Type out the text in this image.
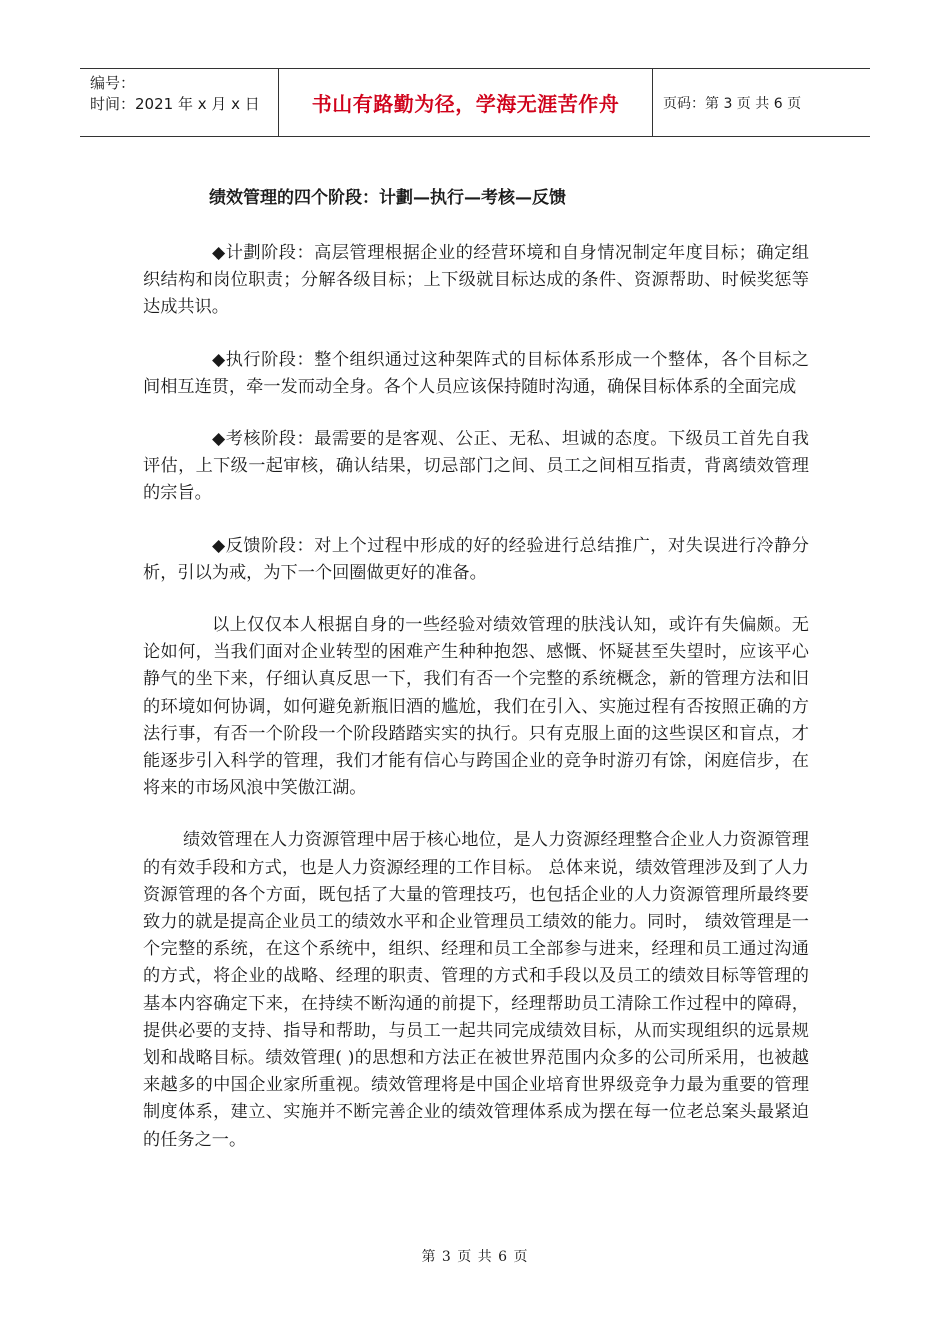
编号：
时间：2021 年 x 月 x 日	书山有路勤为径，学海无涯苦作舟	页码：第 3 页 共 6 页
绩效管理的四个阶段：计劃—执行—考核—反馈

◆计劃阶段：高层管理根据企业的经营环境和自身情况制定年度目标；确定组织结构和岗位职责；分解各级目标；上下级就目标达成的条件、资源帮助、时候奖惩等达成共识。

◆执行阶段：整个组织通过这种架阵式的目标体系形成一个整体，各个目标之间相互连贯，牵一发而动全身。各个人员应该保持随时沟通，确保目标体系的全面完成

◆考核阶段：最需要的是客观、公正、无私、坦诚的态度。下级员工首先自我评估，上下级一起审核，确认结果，切忌部门之间、员工之间相互指责，背离绩效管理的宗旨。

◆反馈阶段：对上个过程中形成的好的经验进行总结推广，对失误进行冷静分析，引以为戒，为下一个回圈做更好的准备。

以上仅仅本人根据自身的一些经验对绩效管理的肤浅认知，或许有失偏颇。无论如何，当我们面对企业转型的困难产生种种抱怨、感慨、怀疑甚至失望时，应该平心静气的坐下来，仔细认真反思一下，我们有否一个完整的系统概念，新的管理方法和旧的环境如何协调，如何避免新瓶旧酒的尴尬，我们在引入、实施过程有否按照正确的方法行事，有否一个阶段一个阶段踏踏实实的执行。只有克服上面的这些误区和盲点，才能逐步引入科学的管理，我们才能有信心与跨国企业的竞争时游刃有馀，闲庭信步，在将来的市场风浪中笑傲江湖。

绩效管理在人力资源管理中居于核心地位，是人力资源经理整合企业人力资源管理的有效手段和方式，也是人力资源经理的工作目标。 总体来说，绩效管理涉及到了人力资源管理的各个方面，既包括了大量的管理技巧，也包括企业的人力资源管理所最终要致力的就是提高企业员工的绩效水平和企业管理员工绩效的能力。同时， 绩效管理是一个完整的系统，在这个系统中，组织、经理和员工全部参与进来，经理和员工通过沟通的方式，将企业的战略、经理的职责、管理的方式和手段以及员工的绩效目标等管理的基本内容确定下来，在持续不断沟通的前提下，经理帮助员工清除工作过程中的障碍，提供必要的支持、指导和帮助，与员工一起共同完成绩效目标，从而实现组织的远景规划和战略目标。绩效管理( )的思想和方法正在被世界范围内众多的公司所采用，也被越来越多的中国企业家所重视。绩效管理将是中国企业培育世界级竞争力最为重要的管理制度体系，建立、实施并不断完善企业的绩效管理体系成为摆在每一位老总案头最紧迫的任务之一。

第 3 页 共 6 页
